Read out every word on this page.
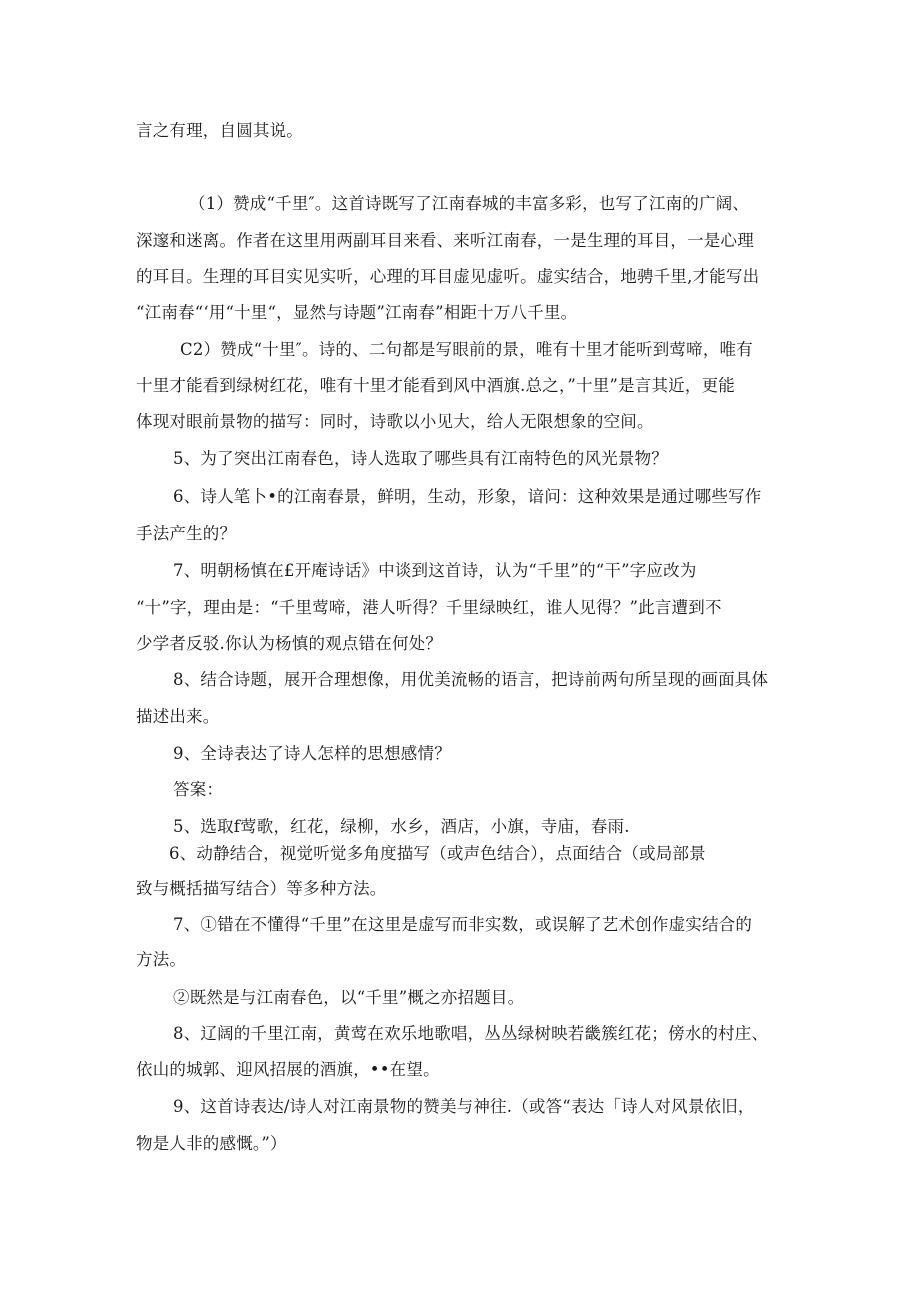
言之有理，自圆其说。
（1）赞成“千里″。这首诗既写了江南春城的丰富多彩，也写了江南的广阔、
深邃和迷离。作者在这里用两副耳目来看、来听江南春，一是生理的耳目，一是心理
的耳目。生理的耳目实见实听，心理的耳目虚见虚听。虚实结合，地骋千里,才能写出
“江南春“‘用“十里“，显然与诗题”江南春”相距十万八千里。
C2）赞成“十里″。诗的、二句都是写眼前的景，唯有十里才能听到莺啼，唯有
十里才能看到绿树红花，唯有十里才能看到风中酒旗.总之，”十里”是言其近，更能
体现对眼前景物的描写：同时，诗歌以小见大，给人无限想象的空间。
5、为了突出江南春色，诗人选取了哪些具有江南特色的风光景物？
6、诗人笔卜•的江南春景，鲜明，生动，形象，谙问：这种效果是通过哪些写作
手法产生的？
7、明朝杨慎在£开庵诗话》中谈到这首诗，认为“千里”的“干”字应改为
“十”字，理由是：“千里莺啼，港人听得？千里绿映红，谁人见得？”此言遭到不
少学者反驳.你认为杨慎的观点错在何处？
8、结合诗题，展开合理想像，用优美流畅的语言，把诗前两句所呈现的画面具体
描述出来。
9、全诗表达了诗人怎样的思想感情？
答案：
5、选取f莺歌，红花，绿柳，水乡，酒店，小旗，寺庙，春雨.
6、动静结合，视觉听觉多角度描写（或声色结合），点面结合（或局部景
致与概括描写结合）等多种方法。
7、①错在不懂得“千里”在这里是虚写而非实数，或误解了艺术创作虚实结合的
方法。
②既然是与江南春色，以“千里”概之亦招题目。
8、辽阔的千里江南，黄莺在欢乐地歌唱，丛丛绿树映若畿簇红花；傍水的村庄、
依山的城郭、迎风招展的酒旗，••在望。
9、这首诗表达/诗人对江南景物的赞美与神往.（或答“表达「诗人对风景依旧，
物是人非的感慨。”）
